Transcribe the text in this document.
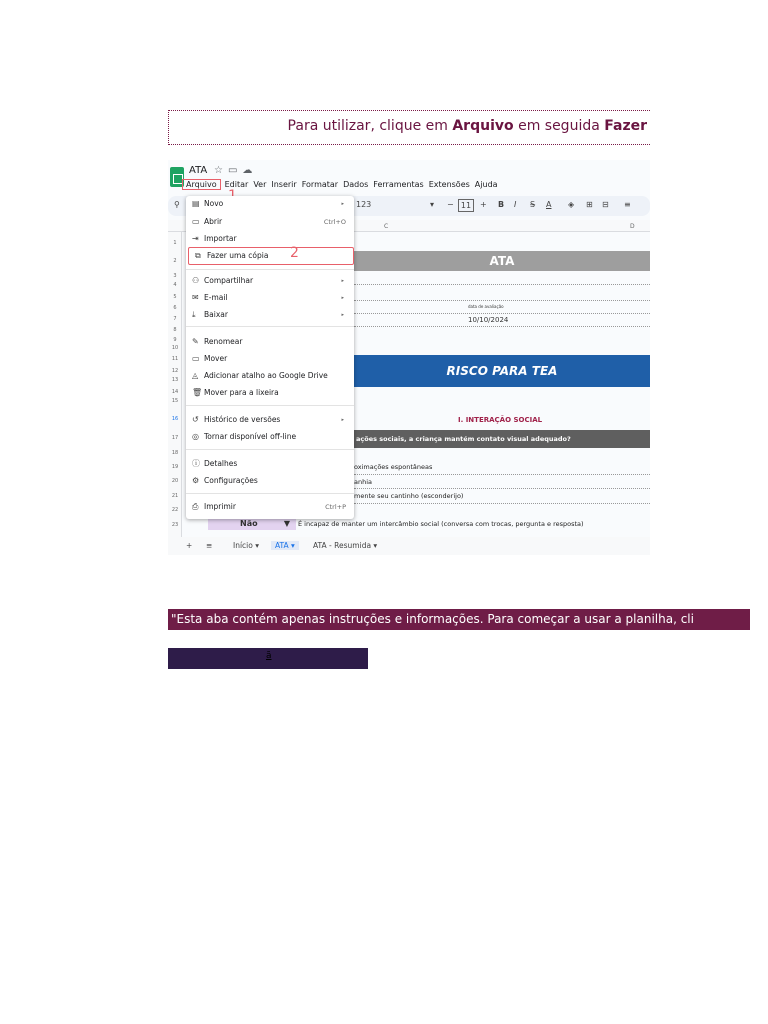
Para utilizar, clique em Arquivo em seguida Fazer
ATA ☆▭☁
Arquivo Editar Ver Inserir Formatar Dados Ferramentas Extensões Ajuda
⚲	123	▾ − 11	+ B I S̶ A ◈ ⊞ ⊟ ≡
C	D
1
2
3
4
5
6
7
8
9
10
11
12
13
14
15
16
17
18
19
20
21
22
23
ATA
data de avaliação
10/10/2024
RISCO PARA TEA
I. INTERAÇÃO SOCIAL
ações sociais, a criança mantém contato visual adequado?
oximações espontâneas
anhia
mente seu cantinho (esconderijo)
Não	▼ É incapaz de manter um intercâmbio social (conversa com trocas, pergunta e resposta)
▤ Novo	▸
▭ Abrir	Ctrl+O
⇥ Importar
⧉ Fazer uma cópia
⚇ Compartilhar	▸
✉ E-mail	▸
⤓ Baixar	▸
✎ Renomear
▭ Mover
◬ Adicionar atalho ao Google Drive
🗑 Mover para a lixeira
↺ Histórico de versões	▸
◎ Tornar disponível off-line
ⓘ Detalhes
⚙ Configurações
⎙ Imprimir	Ctrl+P
2
+ ≡	Início ▾	ATA ▾	ATA - Resumida ▾
"Esta aba contém apenas instruções e informações. Para começar a usar a planilha, cli
ã
